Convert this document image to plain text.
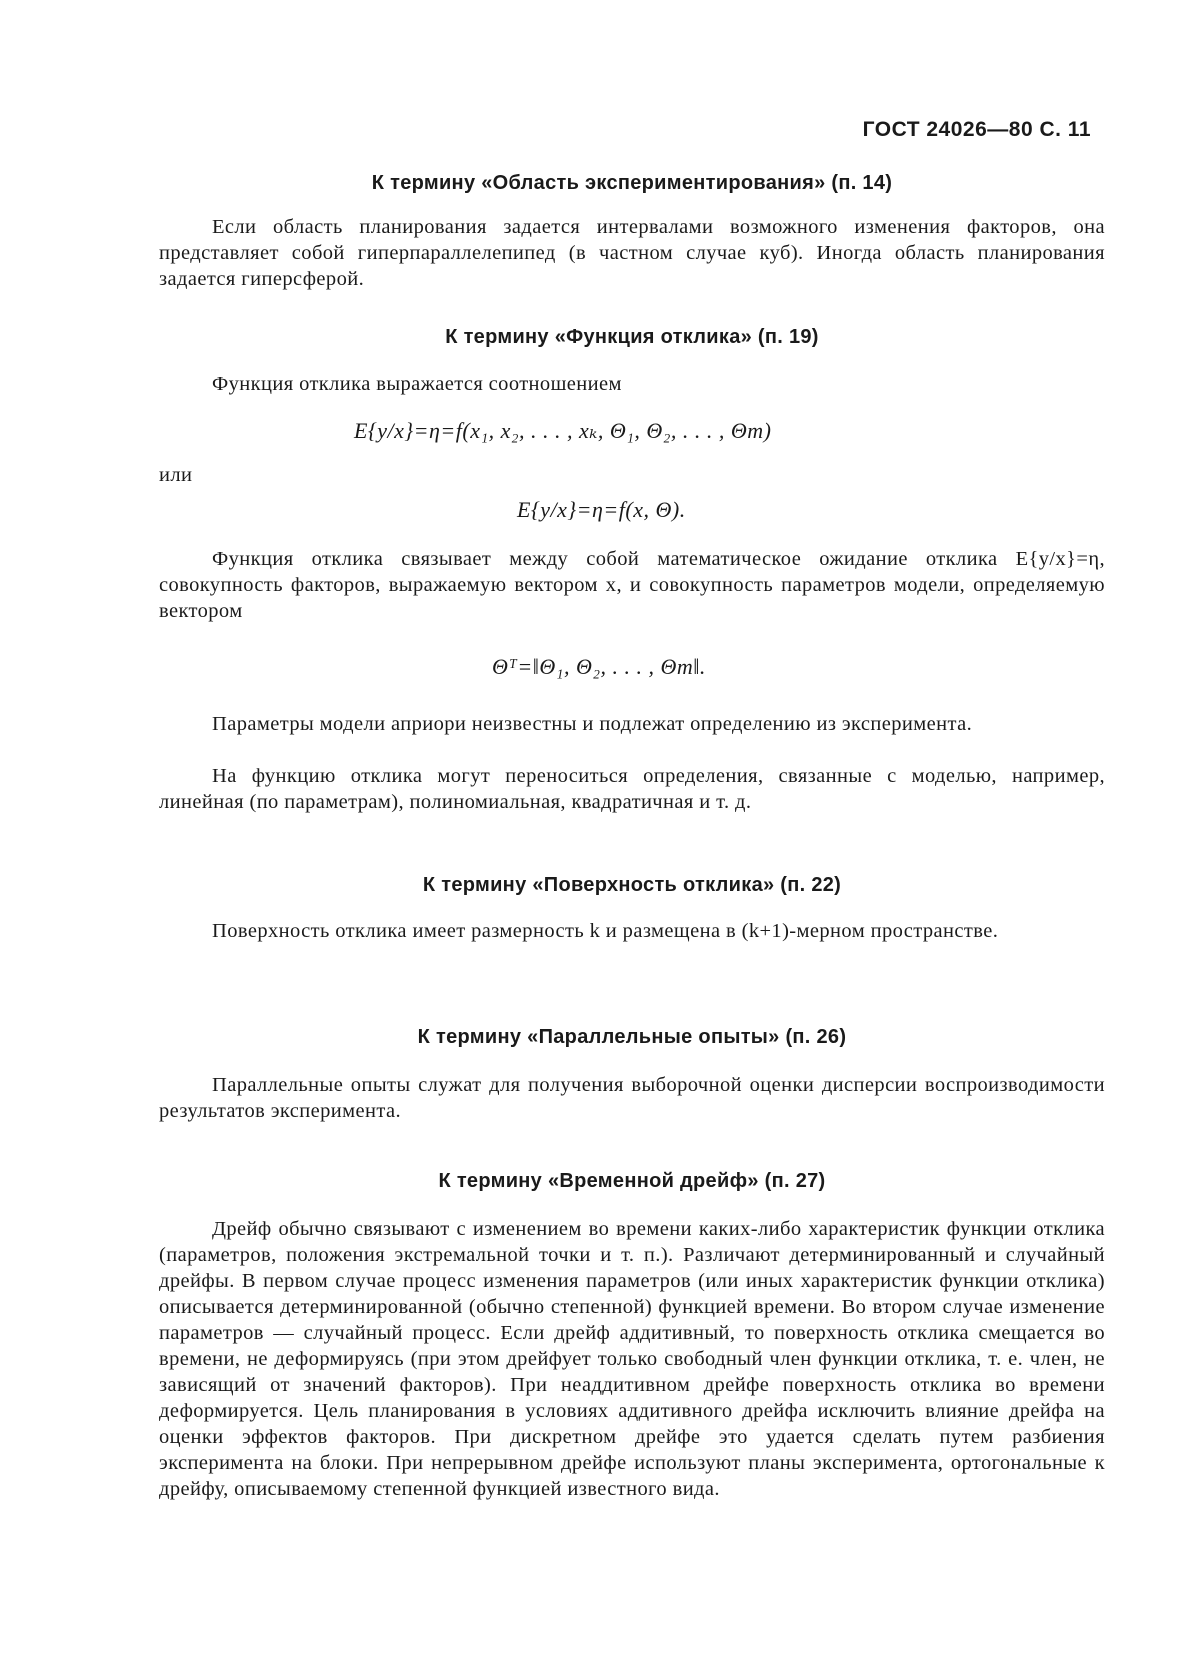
ГОСТ 24026—80 С. 11
К термину «Область экспериментирования» (п. 14)

Если область планирования задается интервалами возможного изменения факторов, она представляет собой гиперпараллелепипед (в частном случае куб). Иногда область планирования задается гиперсферой.

К термину «Функция отклика» (п. 19)

Функция отклика выражается соотношением

E{y/x}=η=f(x₁, x₂, . . . , xₖ, Θ₁, Θ₂, . . . , Θm)

или

E{y/x}=η=f(x, Θ).

Функция отклика связывает между собой математическое ожидание отклика E{y/x}=η, совокупность факторов, выражаемую вектором x, и совокупность параметров модели, определяемую вектором

Θᵀ=‖Θ₁, Θ₂, . . . , Θm‖.

Параметры модели априори неизвестны и подлежат определению из эксперимента.

На функцию отклика могут переноситься определения, связанные с моделью, например, линейная (по параметрам), полиномиальная, квадратичная и т. д.

К термину «Поверхность отклика» (п. 22)

Поверхность отклика имеет размерность k и размещена в (k+1)-мерном пространстве.

К термину «Параллельные опыты» (п. 26)

Параллельные опыты служат для получения выборочной оценки дисперсии воспроизводимости результатов эксперимента.

К термину «Временной дрейф» (п. 27)

Дрейф обычно связывают с изменением во времени каких-либо характеристик функции отклика (параметров, положения экстремальной точки и т. п.). Различают детерминированный и случайный дрейфы. В первом случае процесс изменения параметров (или иных характеристик функции отклика) описывается детерминированной (обычно степенной) функцией времени. Во втором случае изменение параметров — случайный процесс. Если дрейф аддитивный, то поверхность отклика смещается во времени, не деформируясь (при этом дрейфует только свободный член функции отклика, т. е. член, не зависящий от значений факторов). При неаддитивном дрейфе поверхность отклика во времени деформируется. Цель планирования в условиях аддитивного дрейфа исключить влияние дрейфа на оценки эффектов факторов. При дискретном дрейфе это удается сделать путем разбиения эксперимента на блоки. При непрерывном дрейфе используют планы эксперимента, ортогональные к дрейфу, описываемому степенной функцией известного вида.
